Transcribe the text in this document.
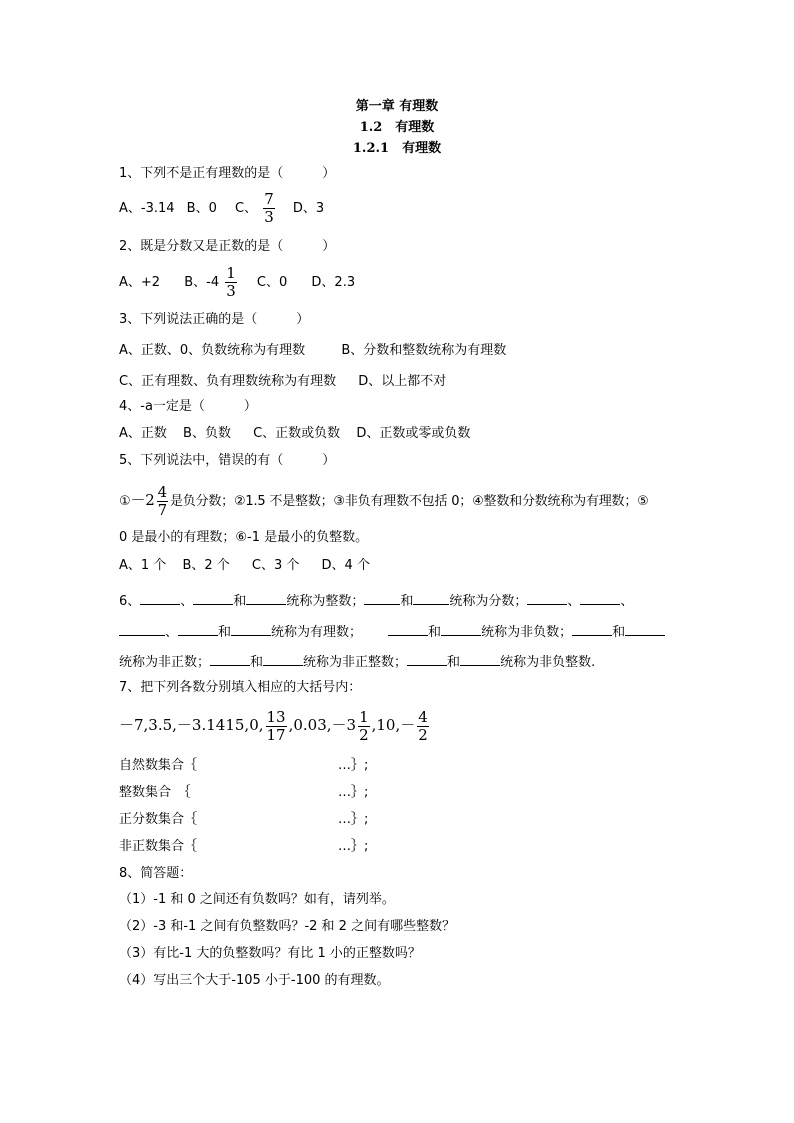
第一章 有理数
1.2　有理数
1.2.1　有理数
1、下列不是正有理数的是（　　　）
A、-3.14 B、0 C、 $\frac{7}{3}$ D、3
2、既是分数又是正数的是（　　　）
A、+2 B、$-4 \frac{1}{3}$ C、0 D、2.3
3、下列说法正确的是（　　　）
A、正数、0、负数统称为有理数	B、分数和整数统称为有理数
C、正有理数、负有理数统称为有理数 D、以上都不对
4、-a一定是（　　　）
A、正数 B、负数 C、正数或负数 D、正数或零或负数
5、下列说法中，错误的有（　　　）
①－2 $\frac{4}{7}$ 是负分数；②1.5 不是整数；③非负有理数不包括 0；④整数和分数统称为有理数；⑤
0 是最小的有理数；⑥-1 是最小的负整数。
A、1 个 B、2 个 C、3 个 D、4 个
6、	、	和	统称为整数；	和	统称为分数；	、	、
、	和	统称为有理数；	和	统称为非负数；	和
统称为非正数；	和	统称为非正整数；	和	统称为非负整数.
7、把下列各数分别填入相应的大括号内：
－7,3.5,－3.1415,0, $\frac{13}{17} ,0.03,-3 \frac{1}{2} ,10,- \frac{4}{2}$
自然数集合｛	…｝;
整数集合　｛	…｝;
正分数集合｛	…｝;
非正数集合｛	…｝;
8、简答题：
（1）-1 和 0 之间还有负数吗？如有，请列举。
（2）-3 和-1 之间有负整数吗？-2 和 2 之间有哪些整数？
（3）有比-1 大的负整数吗？有比 1 小的正整数吗？
（4）写出三个大于-105 小于-100 的有理数。
